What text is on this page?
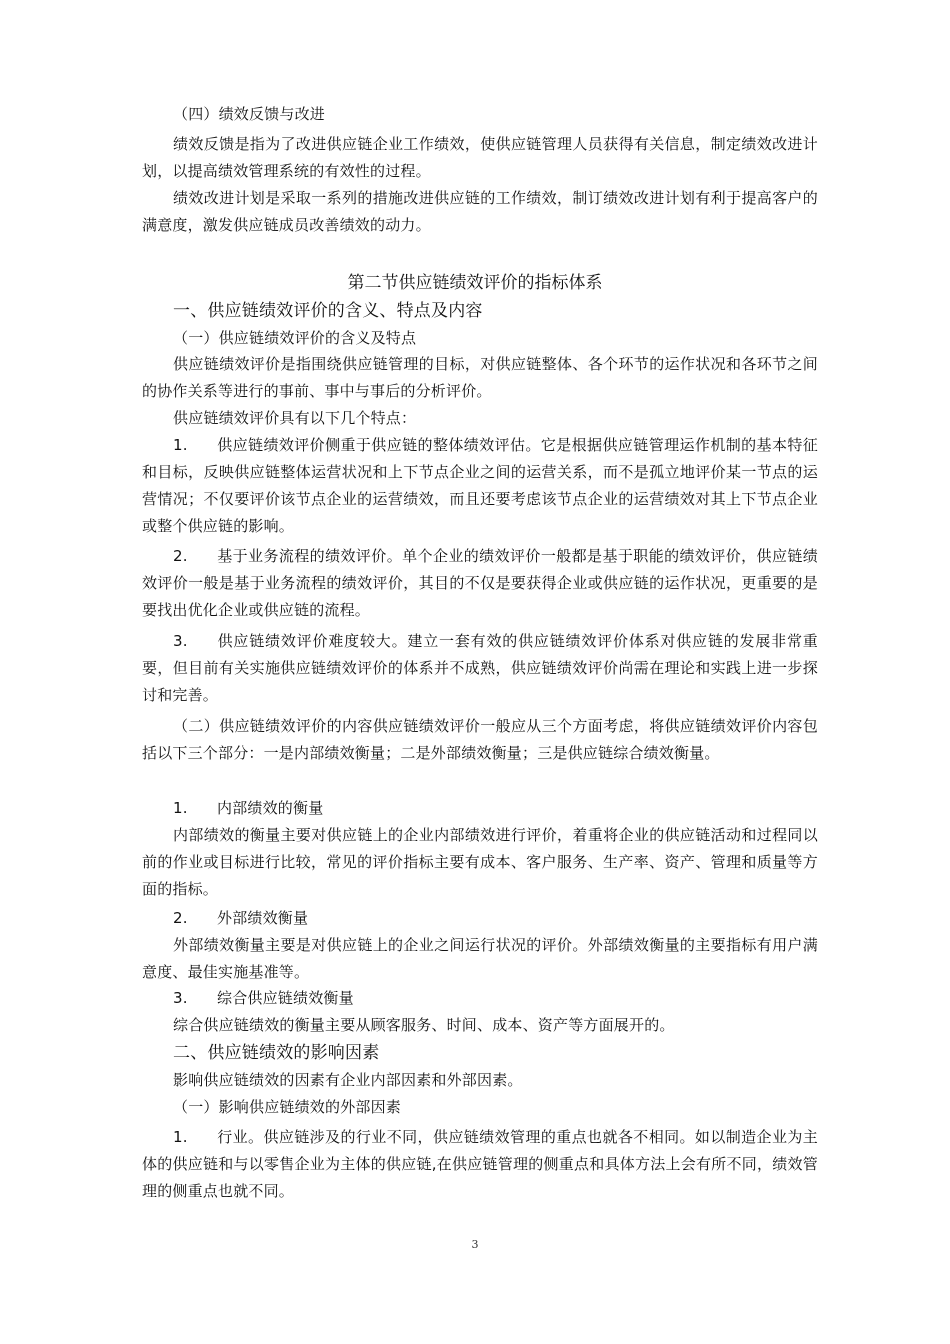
（四）绩效反馈与改进
绩效反馈是指为了改进供应链企业工作绩效，使供应链管理人员获得有关信息，制定绩效改进计划，以提高绩效管理系统的有效性的过程。
绩效改进计划是采取一系列的措施改进供应链的工作绩效，制订绩效改进计划有利于提高客户的满意度，激发供应链成员改善绩效的动力。
第二节供应链绩效评价的指标体系
一、供应链绩效评价的含义、特点及内容
（一）供应链绩效评价的含义及特点
供应链绩效评价是指围绕供应链管理的目标，对供应链整体、各个环节的运作状况和各环节之间的协作关系等进行的事前、事中与事后的分析评价。
供应链绩效评价具有以下几个特点：
1. 供应链绩效评价侧重于供应链的整体绩效评估。它是根据供应链管理运作机制的基本特征和目标，反映供应链整体运营状况和上下节点企业之间的运营关系，而不是孤立地评价某一节点的运营情况；不仅要评价该节点企业的运营绩效，而且还要考虑该节点企业的运营绩效对其上下节点企业或整个供应链的影响。
2. 基于业务流程的绩效评价。单个企业的绩效评价一般都是基于职能的绩效评价，供应链绩效评价一般是基于业务流程的绩效评价，其目的不仅是要获得企业或供应链的运作状况，更重要的是要找出优化企业或供应链的流程。
3. 供应链绩效评价难度较大。建立一套有效的供应链绩效评价体系对供应链的发展非常重要，但目前有关实施供应链绩效评价的体系并不成熟，供应链绩效评价尚需在理论和实践上进一步探讨和完善。
（二）供应链绩效评价的内容供应链绩效评价一般应从三个方面考虑，将供应链绩效评价内容包括以下三个部分：一是内部绩效衡量；二是外部绩效衡量；三是供应链综合绩效衡量。
1. 内部绩效的衡量
内部绩效的衡量主要对供应链上的企业内部绩效进行评价，着重将企业的供应链活动和过程同以前的作业或目标进行比较，常见的评价指标主要有成本、客户服务、生产率、资产、管理和质量等方面的指标。
2. 外部绩效衡量
外部绩效衡量主要是对供应链上的企业之间运行状况的评价。外部绩效衡量的主要指标有用户满意度、最佳实施基准等。
3. 综合供应链绩效衡量
综合供应链绩效的衡量主要从顾客服务、时间、成本、资产等方面展开的。
二、供应链绩效的影响因素
影响供应链绩效的因素有企业内部因素和外部因素。
（一）影响供应链绩效的外部因素
1. 行业。供应链涉及的行业不同，供应链绩效管理的重点也就各不相同。如以制造企业为主体的供应链和与以零售企业为主体的供应链,在供应链管理的侧重点和具体方法上会有所不同，绩效管理的侧重点也就不同。
3
